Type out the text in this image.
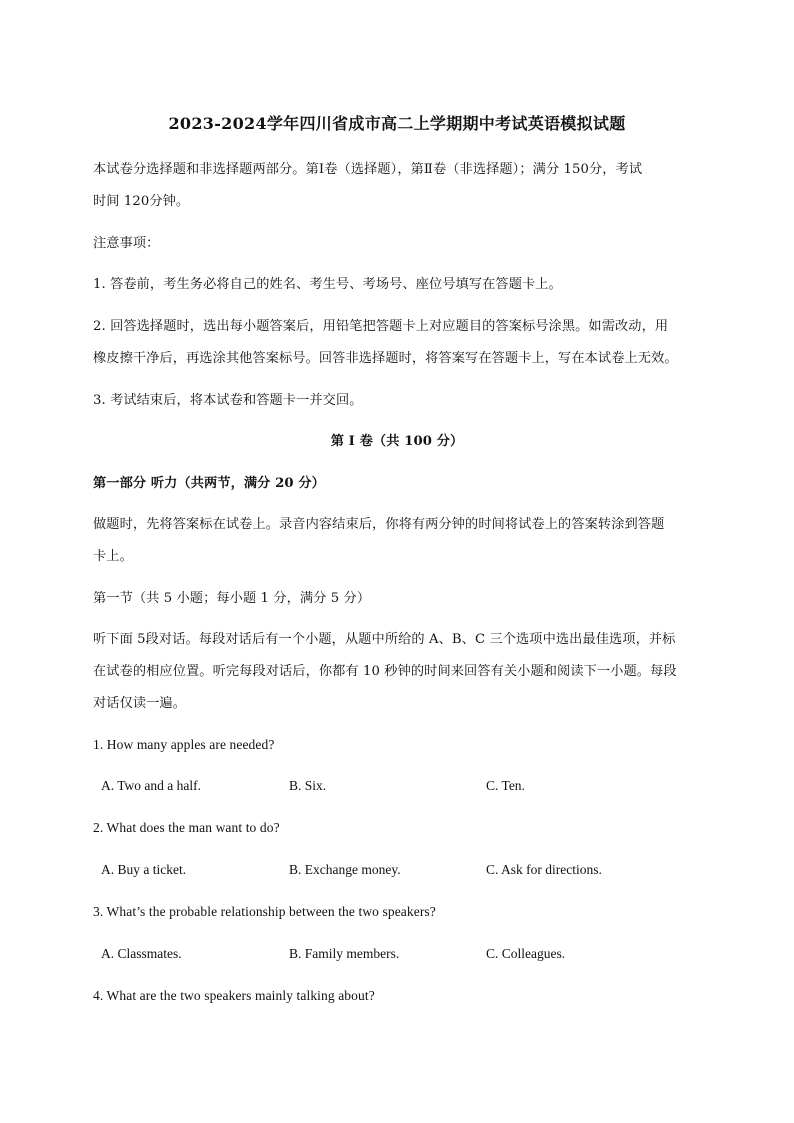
2023-2024学年四川省成市高二上学期期中考试英语模拟试题
本试卷分选择题和非选择题两部分。第Ⅰ卷（选择题），第Ⅱ卷（非选择题）；满分 150分，考试
时间 120分钟。
注意事项：
1. 答卷前，考生务必将自己的姓名、考生号、考场号、座位号填写在答题卡上。
2. 回答选择题时，选出每小题答案后，用铅笔把答题卡上对应题目的答案标号涂黑。如需改动，用
橡皮擦干净后，再选涂其他答案标号。回答非选择题时，将答案写在答题卡上，写在本试卷上无效。
3. 考试结束后，将本试卷和答题卡一并交回。
第 I 卷（共 100 分）
第一部分 听力（共两节，满分 20 分）
做题时，先将答案标在试卷上。录音内容结束后，你将有两分钟的时间将试卷上的答案转涂到答题
卡上。
第一节（共 5 小题；每小题 1 分，满分 5 分）
听下面 5段对话。每段对话后有一个小题，从题中所给的 A、B、C 三个选项中选出最佳选项，并标
在试卷的相应位置。听完每段对话后，你都有 10 秒钟的时间来回答有关小题和阅读下一小题。每段
对话仅读一遍。
1. How many apples are needed?
A. Two and a half.	B. Six.	C. Ten.
2. What does the man want to do?
A. Buy a ticket.	B. Exchange money.	C. Ask for directions.
3. What’s the probable relationship between the two speakers?
A. Classmates.	B. Family members.	C. Colleagues.
4. What are the two speakers mainly talking about?
